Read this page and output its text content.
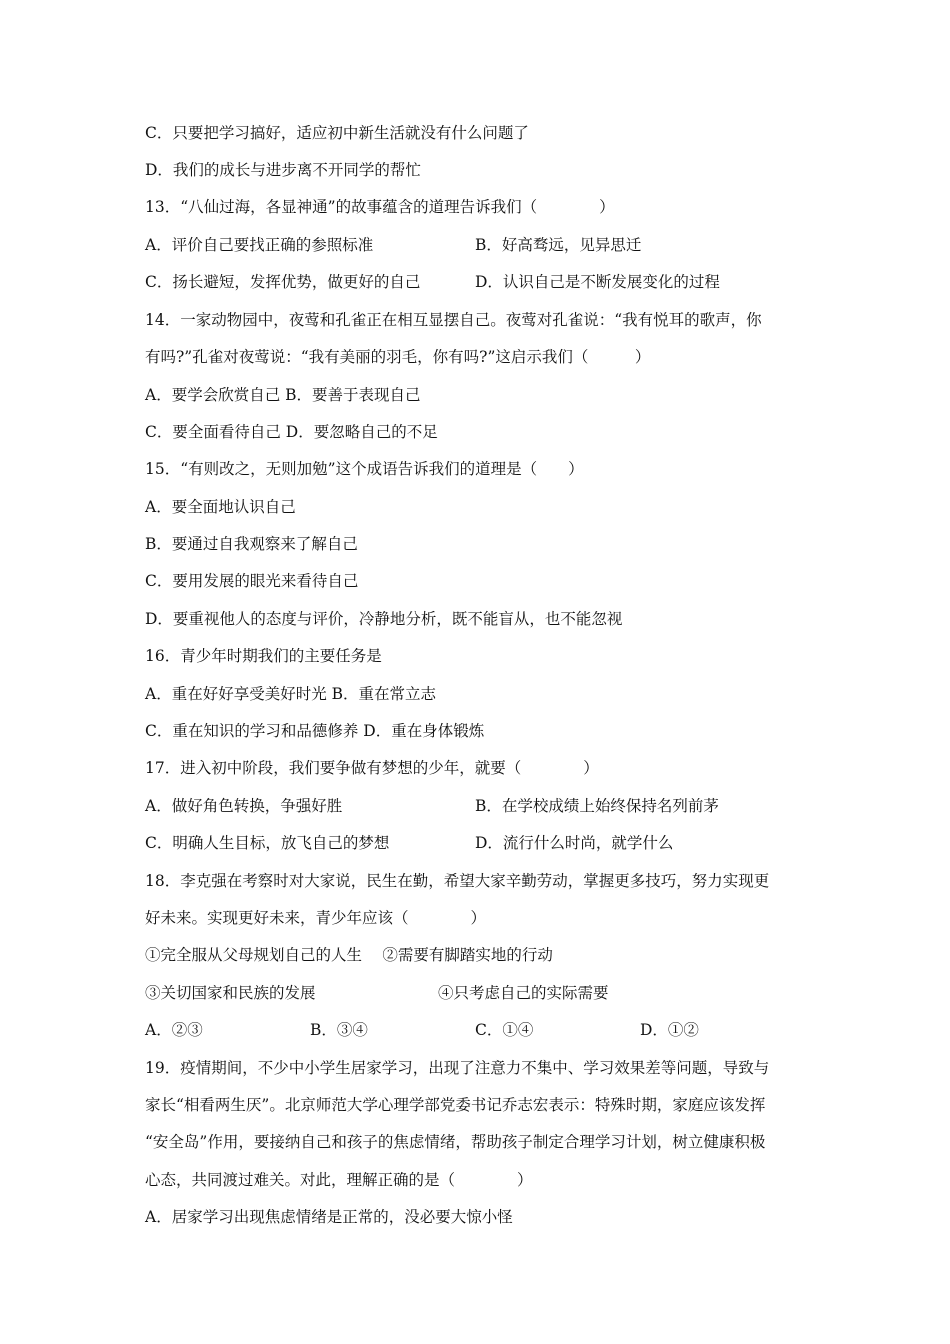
C．只要把学习搞好，适应初中新生活就没有什么问题了
D．我们的成长与进步离不开同学的帮忙
13．“八仙过海，各显神通”的故事蕴含的道理告诉我们（　　　　）
A．评价自己要找正确的参照标准	B．好高骛远，见异思迁
C．扬长避短，发挥优势，做更好的自己	D．认识自己是不断发展变化的过程
14．一家动物园中，夜莺和孔雀正在相互显摆自己。夜莺对孔雀说：“我有悦耳的歌声，你
有吗?”孔雀对夜莺说：“我有美丽的羽毛，你有吗?”这启示我们（　　　）
A．要学会欣赏自己 B．要善于表现自己
C．要全面看待自己 D．要忽略自己的不足
15．“有则改之，无则加勉”这个成语告诉我们的道理是（　　）
A．要全面地认识自己
B．要通过自我观察来了解自己
C．要用发展的眼光来看待自己
D．要重视他人的态度与评价，冷静地分析，既不能盲从，也不能忽视
16．青少年时期我们的主要任务是
A．重在好好享受美好时光 B．重在常立志
C．重在知识的学习和品德修养 D．重在身体锻炼
17．进入初中阶段，我们要争做有梦想的少年，就要（　　　　）
A．做好角色转换，争强好胜	B．在学校成绩上始终保持名列前茅
C．明确人生目标，放飞自己的梦想	D．流行什么时尚，就学什么
18．李克强在考察时对大家说，民生在勤，希望大家辛勤劳动，掌握更多技巧，努力实现更
好未来。实现更好未来，青少年应该（　　　　）
①完全服从父母规划自己的人生　 ②需要有脚踏实地的行动
③关切国家和民族的发展	④只考虑自己的实际需要
A．②③	B．③④	C．①④	D．①②
19．疫情期间，不少中小学生居家学习，出现了注意力不集中、学习效果差等问题，导致与
家长“相看两生厌”。北京师范大学心理学部党委书记乔志宏表示：特殊时期，家庭应该发挥
“安全岛”作用，要接纳自己和孩子的焦虑情绪，帮助孩子制定合理学习计划，树立健康积极
心态，共同渡过难关。对此，理解正确的是（　　　　）
A．居家学习出现焦虑情绪是正常的，没必要大惊小怪
